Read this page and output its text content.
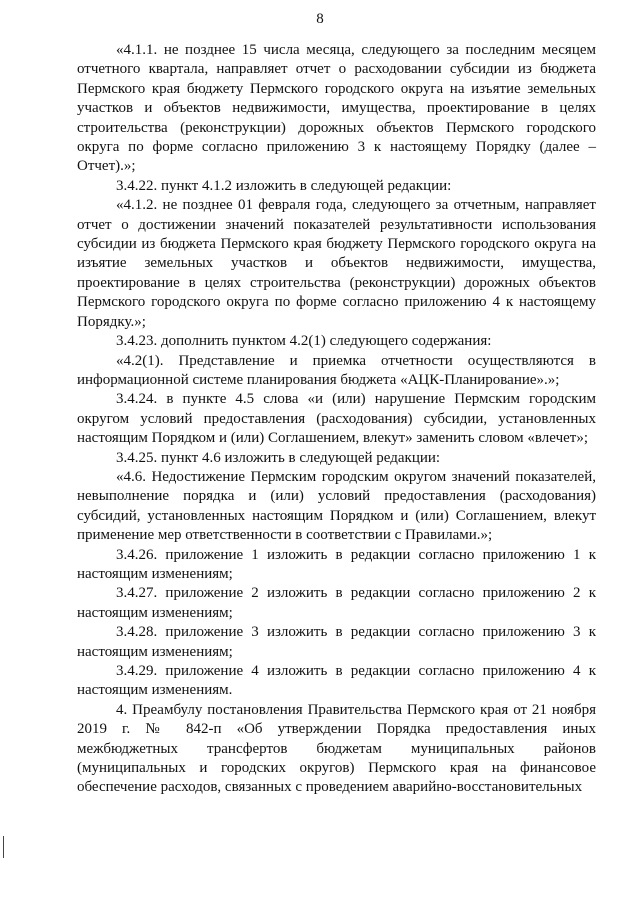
8

«4.1.1. не позднее 15 числа месяца, следующего за последним месяцем отчетного квартала, направляет отчет о расходовании субсидии из бюджета Пермского края бюджету Пермского городского округа на изъятие земельных участков и объектов недвижимости, имущества, проектирование в целях строительства (реконструкции) дорожных объектов Пермского городского округа по форме согласно приложению 3 к настоящему Порядку (далее – Отчет).»;

3.4.22. пункт 4.1.2 изложить в следующей редакции:

«4.1.2. не позднее 01 февраля года, следующего за отчетным, направляет отчет о достижении значений показателей результативности использования субсидии из бюджета Пермского края бюджету Пермского городского округа на изъятие земельных участков и объектов недвижимости, имущества, проектирование в целях строительства (реконструкции) дорожных объектов Пермского городского округа по форме согласно приложению 4 к настоящему Порядку.»;

3.4.23. дополнить пунктом 4.2(1) следующего содержания:

«4.2(1). Представление и приемка отчетности осуществляются в информационной системе планирования бюджета «АЦК-Планирование».»;

3.4.24. в пункте 4.5 слова «и (или) нарушение Пермским городским округом условий предоставления (расходования) субсидии, установленных настоящим Порядком и (или) Соглашением, влекут» заменить словом «влечет»;

3.4.25. пункт 4.6 изложить в следующей редакции:

«4.6. Недостижение Пермским городским округом значений показателей, невыполнение порядка и (или) условий предоставления (расходования) субсидий, установленных настоящим Порядком и (или) Соглашением, влекут применение мер ответственности в соответствии с Правилами.»;

3.4.26. приложение 1 изложить в редакции согласно приложению 1 к настоящим изменениям;

3.4.27. приложение 2 изложить в редакции согласно приложению 2 к настоящим изменениям;

3.4.28. приложение 3 изложить в редакции согласно приложению 3 к настоящим изменениям;

3.4.29. приложение 4 изложить в редакции согласно приложению 4 к настоящим изменениям.

4. Преамбулу постановления Правительства Пермского края от 21 ноября 2019 г. № 842-п «Об утверждении Порядка предоставления иных межбюджетных трансфертов бюджетам муниципальных районов (муниципальных и городских округов) Пермского края на финансовое обеспечение расходов, связанных с проведением аварийно-восстановительных
